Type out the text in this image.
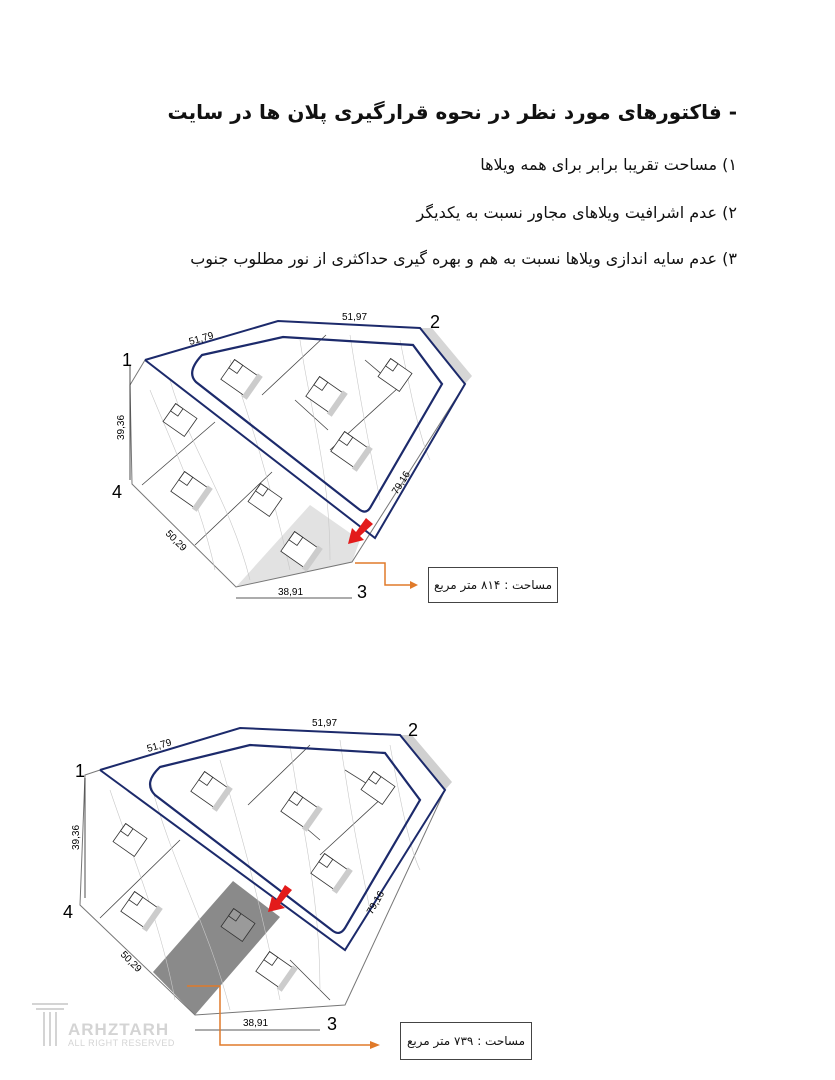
- فاکتورهای مورد نظر در نحوه قرارگیری پلان ها در سایت
۱) مساحت تقریبا برابر برای همه ویلاها
۲) عدم اشرافیت ویلاهای مجاور نسبت به یکدیگر
۳) عدم سایه اندازی ویلاها نسبت به هم و بهره گیری حداکثری از نور مطلوب جنوب
1
2
3
4
51,79
51,97
39,36
79,16
50,29
38,91
مساحت : ۸۱۴ متر مربع
1
2
3
4
51,79
51,97
39,36
79,16
50,29
38,91
مساحت : ۷۳۹ متر مربع
ARHZTARH
ALL RIGHT RESERVED
